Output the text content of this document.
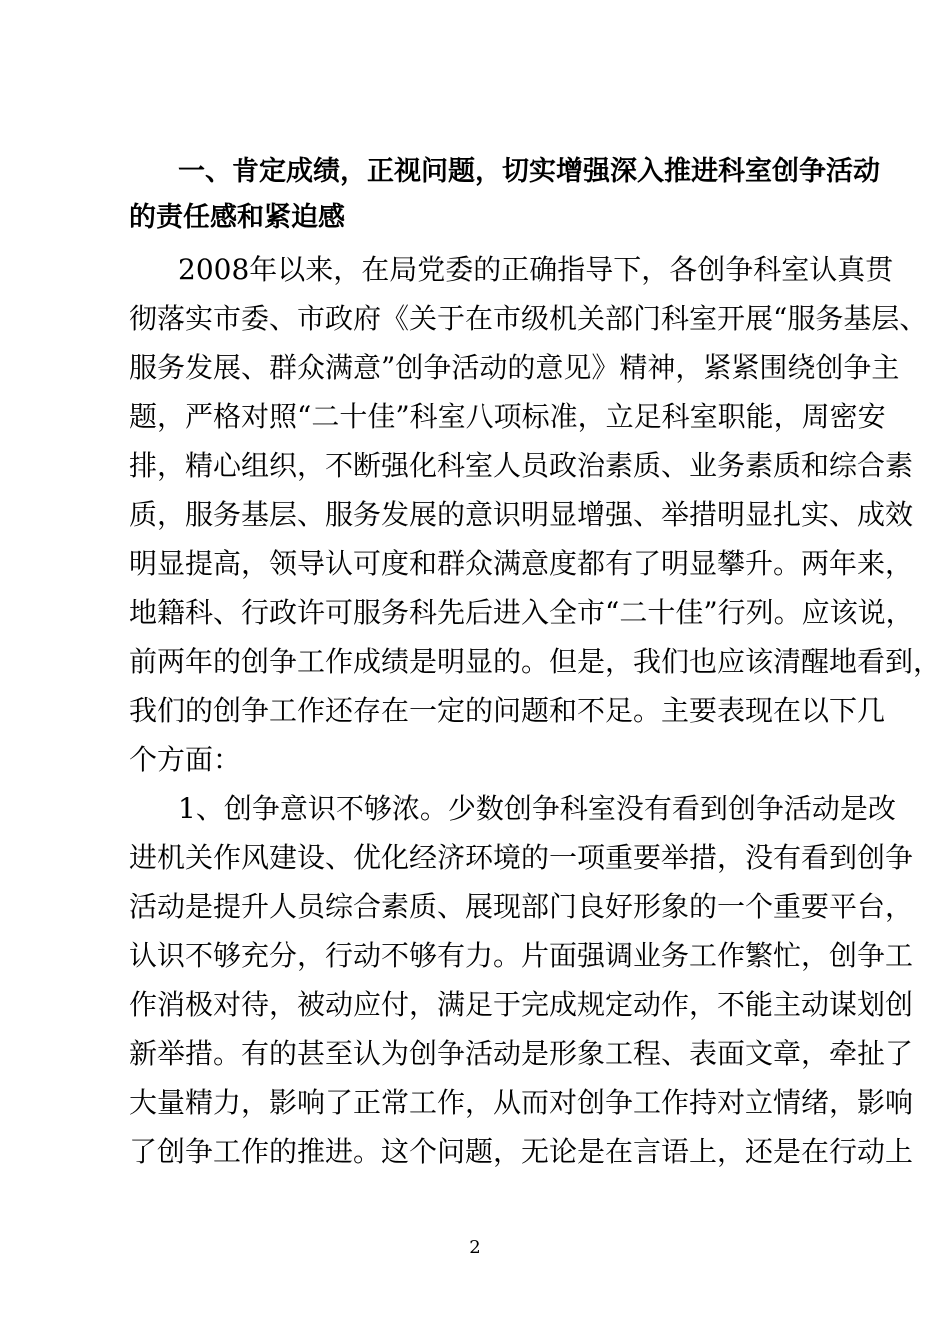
一、肯定成绩，正视问题，切实增强深入推进科室创争活动
的责任感和紧迫感
2008年以来，在局党委的正确指导下，各创争科室认真贯
彻落实市委、市政府《关于在市级机关部门科室开展“服务基层、
服务发展、群众满意”创争活动的意见》精神，紧紧围绕创争主
题，严格对照“二十佳”科室八项标准，立足科室职能，周密安
排，精心组织，不断强化科室人员政治素质、业务素质和综合素
质，服务基层、服务发展的意识明显增强、举措明显扎实、成效
明显提高，领导认可度和群众满意度都有了明显攀升。两年来，
地籍科、行政许可服务科先后进入全市“二十佳”行列。应该说，
前两年的创争工作成绩是明显的。但是，我们也应该清醒地看到，
我们的创争工作还存在一定的问题和不足。主要表现在以下几
个方面：
1、创争意识不够浓。少数创争科室没有看到创争活动是改
进机关作风建设、优化经济环境的一项重要举措，没有看到创争
活动是提升人员综合素质、展现部门良好形象的一个重要平台，
认识不够充分，行动不够有力。片面强调业务工作繁忙，创争工
作消极对待，被动应付，满足于完成规定动作，不能主动谋划创
新举措。有的甚至认为创争活动是形象工程、表面文章，牵扯了
大量精力，影响了正常工作，从而对创争工作持对立情绪，影响
了创争工作的推进。这个问题，无论是在言语上，还是在行动上
2
